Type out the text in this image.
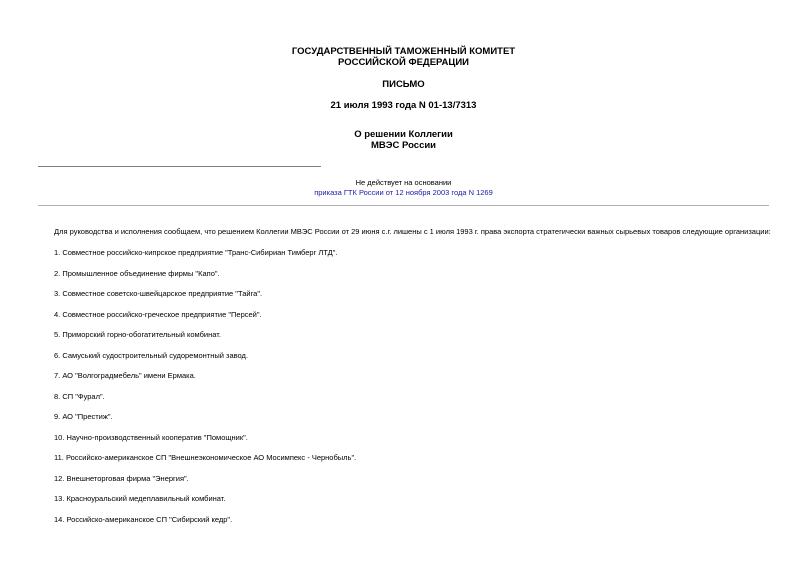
ГОСУДАРСТВЕННЫЙ ТАМОЖЕННЫЙ КОМИТЕТ
РОССИЙСКОЙ ФЕДЕРАЦИИ
ПИСЬМО
21 июля 1993 года N 01-13/7313
О решении Коллегии
МВЭС России
Не действует на основании
приказа ГТК России от 12 ноября 2003 года N 1269
Для руководства и исполнения сообщаем, что решением Коллегии МВЭС России от 29 июня с.г. лишены с 1 июля 1993 г. права экспорта стратегически важных сырьевых товаров следующие организации:
1. Совместное российско-кипрское предприятие "Транс-Сибириан Тимберг ЛТД".
2. Промышленное объединение фирмы "Капо".
3. Совместное советско-швейцарское предприятие "Тайга".
4. Совместное российско-греческое предприятие "Персей".
5. Приморский горно-обогатительный комбинат.
6. Самуський судостроительный судоремонтный завод.
7. АО "Волгоградмебель" имени Ермака.
8. СП "Фурал".
9. АО "Престиж".
10. Научно-производственный кооператив "Помощник".
11. Российско-американское СП "Внешнеэкономическое АО Мосимпекс - Чернобыль".
12. Внешнеторговая фирма "Энергия".
13. Красноуральский медеплавильный комбинат.
14. Российско-американское СП "Сибирский кедр".
